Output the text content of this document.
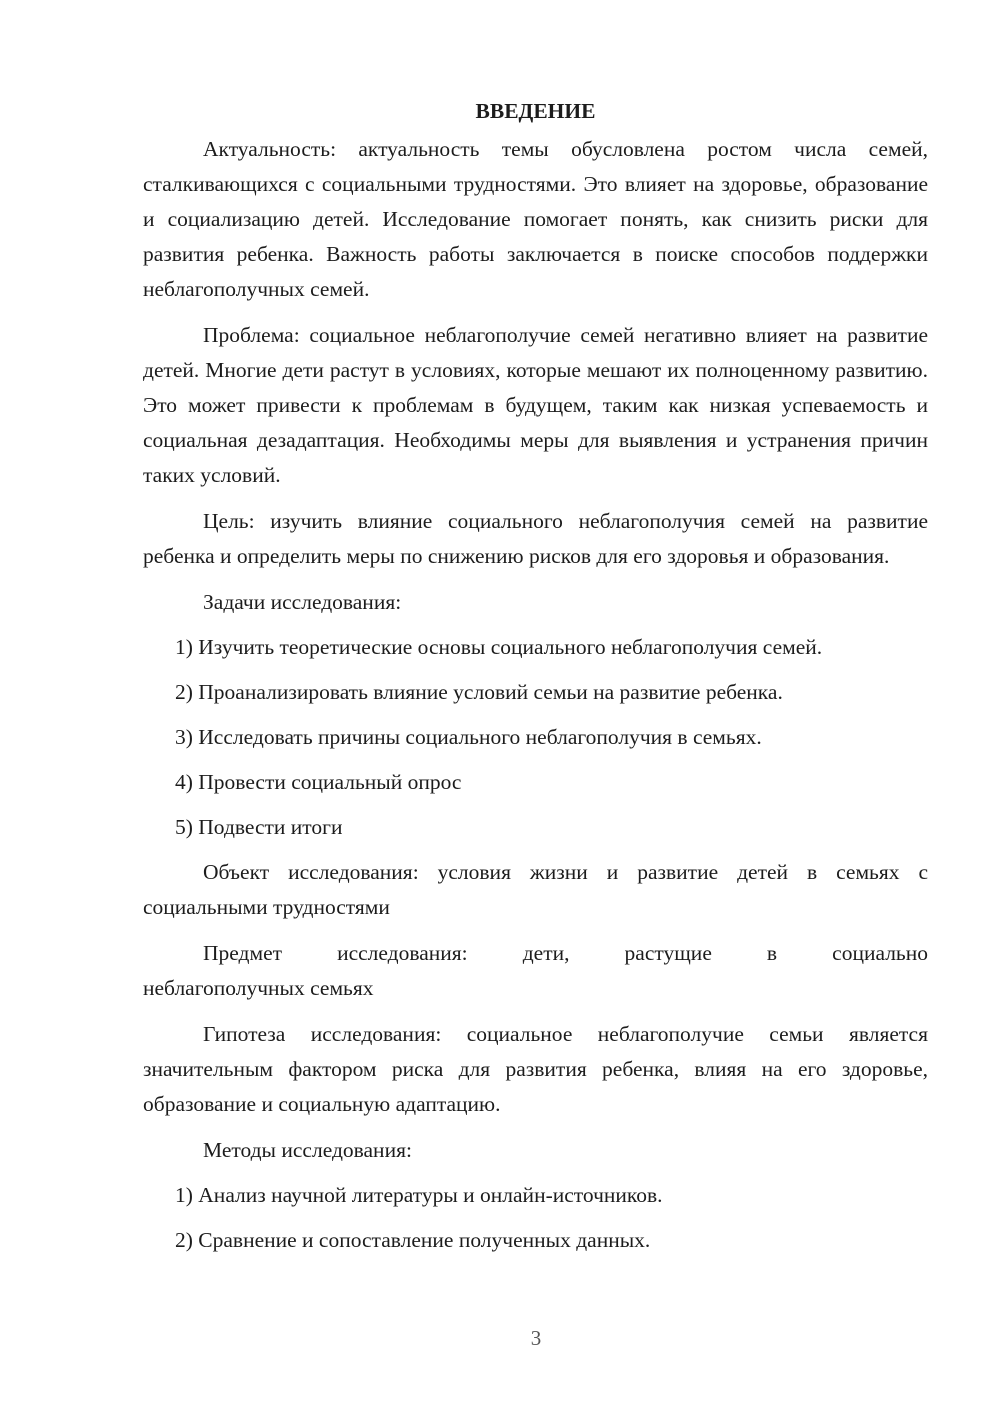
ВВЕДЕНИЕ

Актуальность: актуальность темы обусловлена ростом числа семей, сталкивающихся с социальными трудностями. Это влияет на здоровье, образование и социализацию детей. Исследование помогает понять, как снизить риски для развития ребенка. Важность работы заключается в поиске способов поддержки неблагополучных семей.

Проблема: социальное неблагополучие семей негативно влияет на развитие детей. Многие дети растут в условиях, которые мешают их полноценному развитию. Это может привести к проблемам в будущем, таким как низкая успеваемость и социальная дезадаптация. Необходимы меры для выявления и устранения причин таких условий.

Цель: изучить влияние социального неблагополучия семей на развитие ребенка и определить меры по снижению рисков для его здоровья и образования.

Задачи исследования:

1) Изучить теоретические основы социального неблагополучия семей.

2) Проанализировать влияние условий семьи на развитие ребенка.

3) Исследовать причины социального неблагополучия в семьях.

4) Провести социальный опрос

5) Подвести итоги

Объект исследования: условия жизни и развитие детей в семьях с социальными трудностями

Предмет исследования: дети, растущие в социально

неблагополучных семьях

Гипотеза исследования: социальное неблагополучие семьи является значительным фактором риска для развития ребенка, влияя на его здоровье, образование и социальную адаптацию.

Методы исследования:

1) Анализ научной литературы и онлайн-источников.

2) Сравнение и сопоставление полученных данных.

3
